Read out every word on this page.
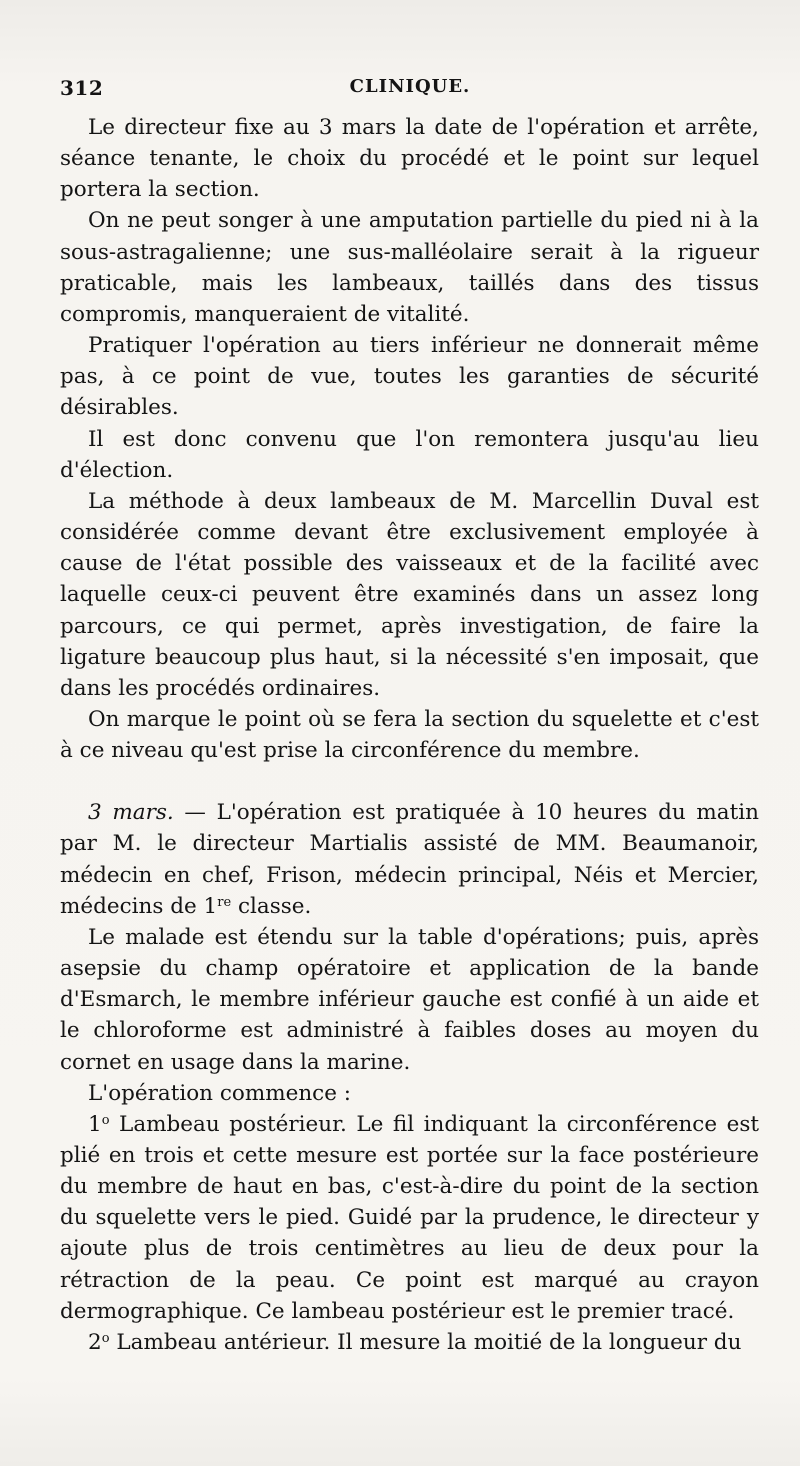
312	CLINIQUE.

Le directeur fixe au 3 mars la date de l'opération et arrête, séance tenante, le choix du procédé et le point sur lequel portera la section.

On ne peut songer à une amputation partielle du pied ni à la sous-astragalienne; une sus-malléolaire serait à la rigueur praticable, mais les lambeaux, taillés dans des tissus compromis, manqueraient de vitalité.

Pratiquer l'opération au tiers inférieur ne donnerait même pas, à ce point de vue, toutes les garanties de sécurité désirables.

Il est donc convenu que l'on remontera jusqu'au lieu d'élection.

La méthode à deux lambeaux de M. Marcellin Duval est considérée comme devant être exclusivement employée à cause de l'état possible des vaisseaux et de la facilité avec laquelle ceux-ci peuvent être examinés dans un assez long parcours, ce qui permet, après investigation, de faire la ligature beaucoup plus haut, si la nécessité s'en imposait, que dans les procédés ordinaires.

On marque le point où se fera la section du squelette et c'est à ce niveau qu'est prise la circonférence du membre.

3 mars. — L'opération est pratiquée à 10 heures du matin par M. le directeur Martialis assisté de MM. Beaumanoir, médecin en chef, Frison, médecin principal, Néis et Mercier, médecins de 1re classe.

Le malade est étendu sur la table d'opérations; puis, après asepsie du champ opératoire et application de la bande d'Esmarch, le membre inférieur gauche est confié à un aide et le chloroforme est administré à faibles doses au moyen du cornet en usage dans la marine.

L'opération commence :

1$^o$ Lambeau postérieur. Le fil indiquant la circonférence est plié en trois et cette mesure est portée sur la face postérieure du membre de haut en bas, c'est-à-dire du point de la section du squelette vers le pied. Guidé par la prudence, le directeur y ajoute plus de trois centimètres au lieu de deux pour la rétraction de la peau. Ce point est marqué au crayon dermographique. Ce lambeau postérieur est le premier tracé.

2$^o$ Lambeau antérieur. Il mesure la moitié de la longueur du
